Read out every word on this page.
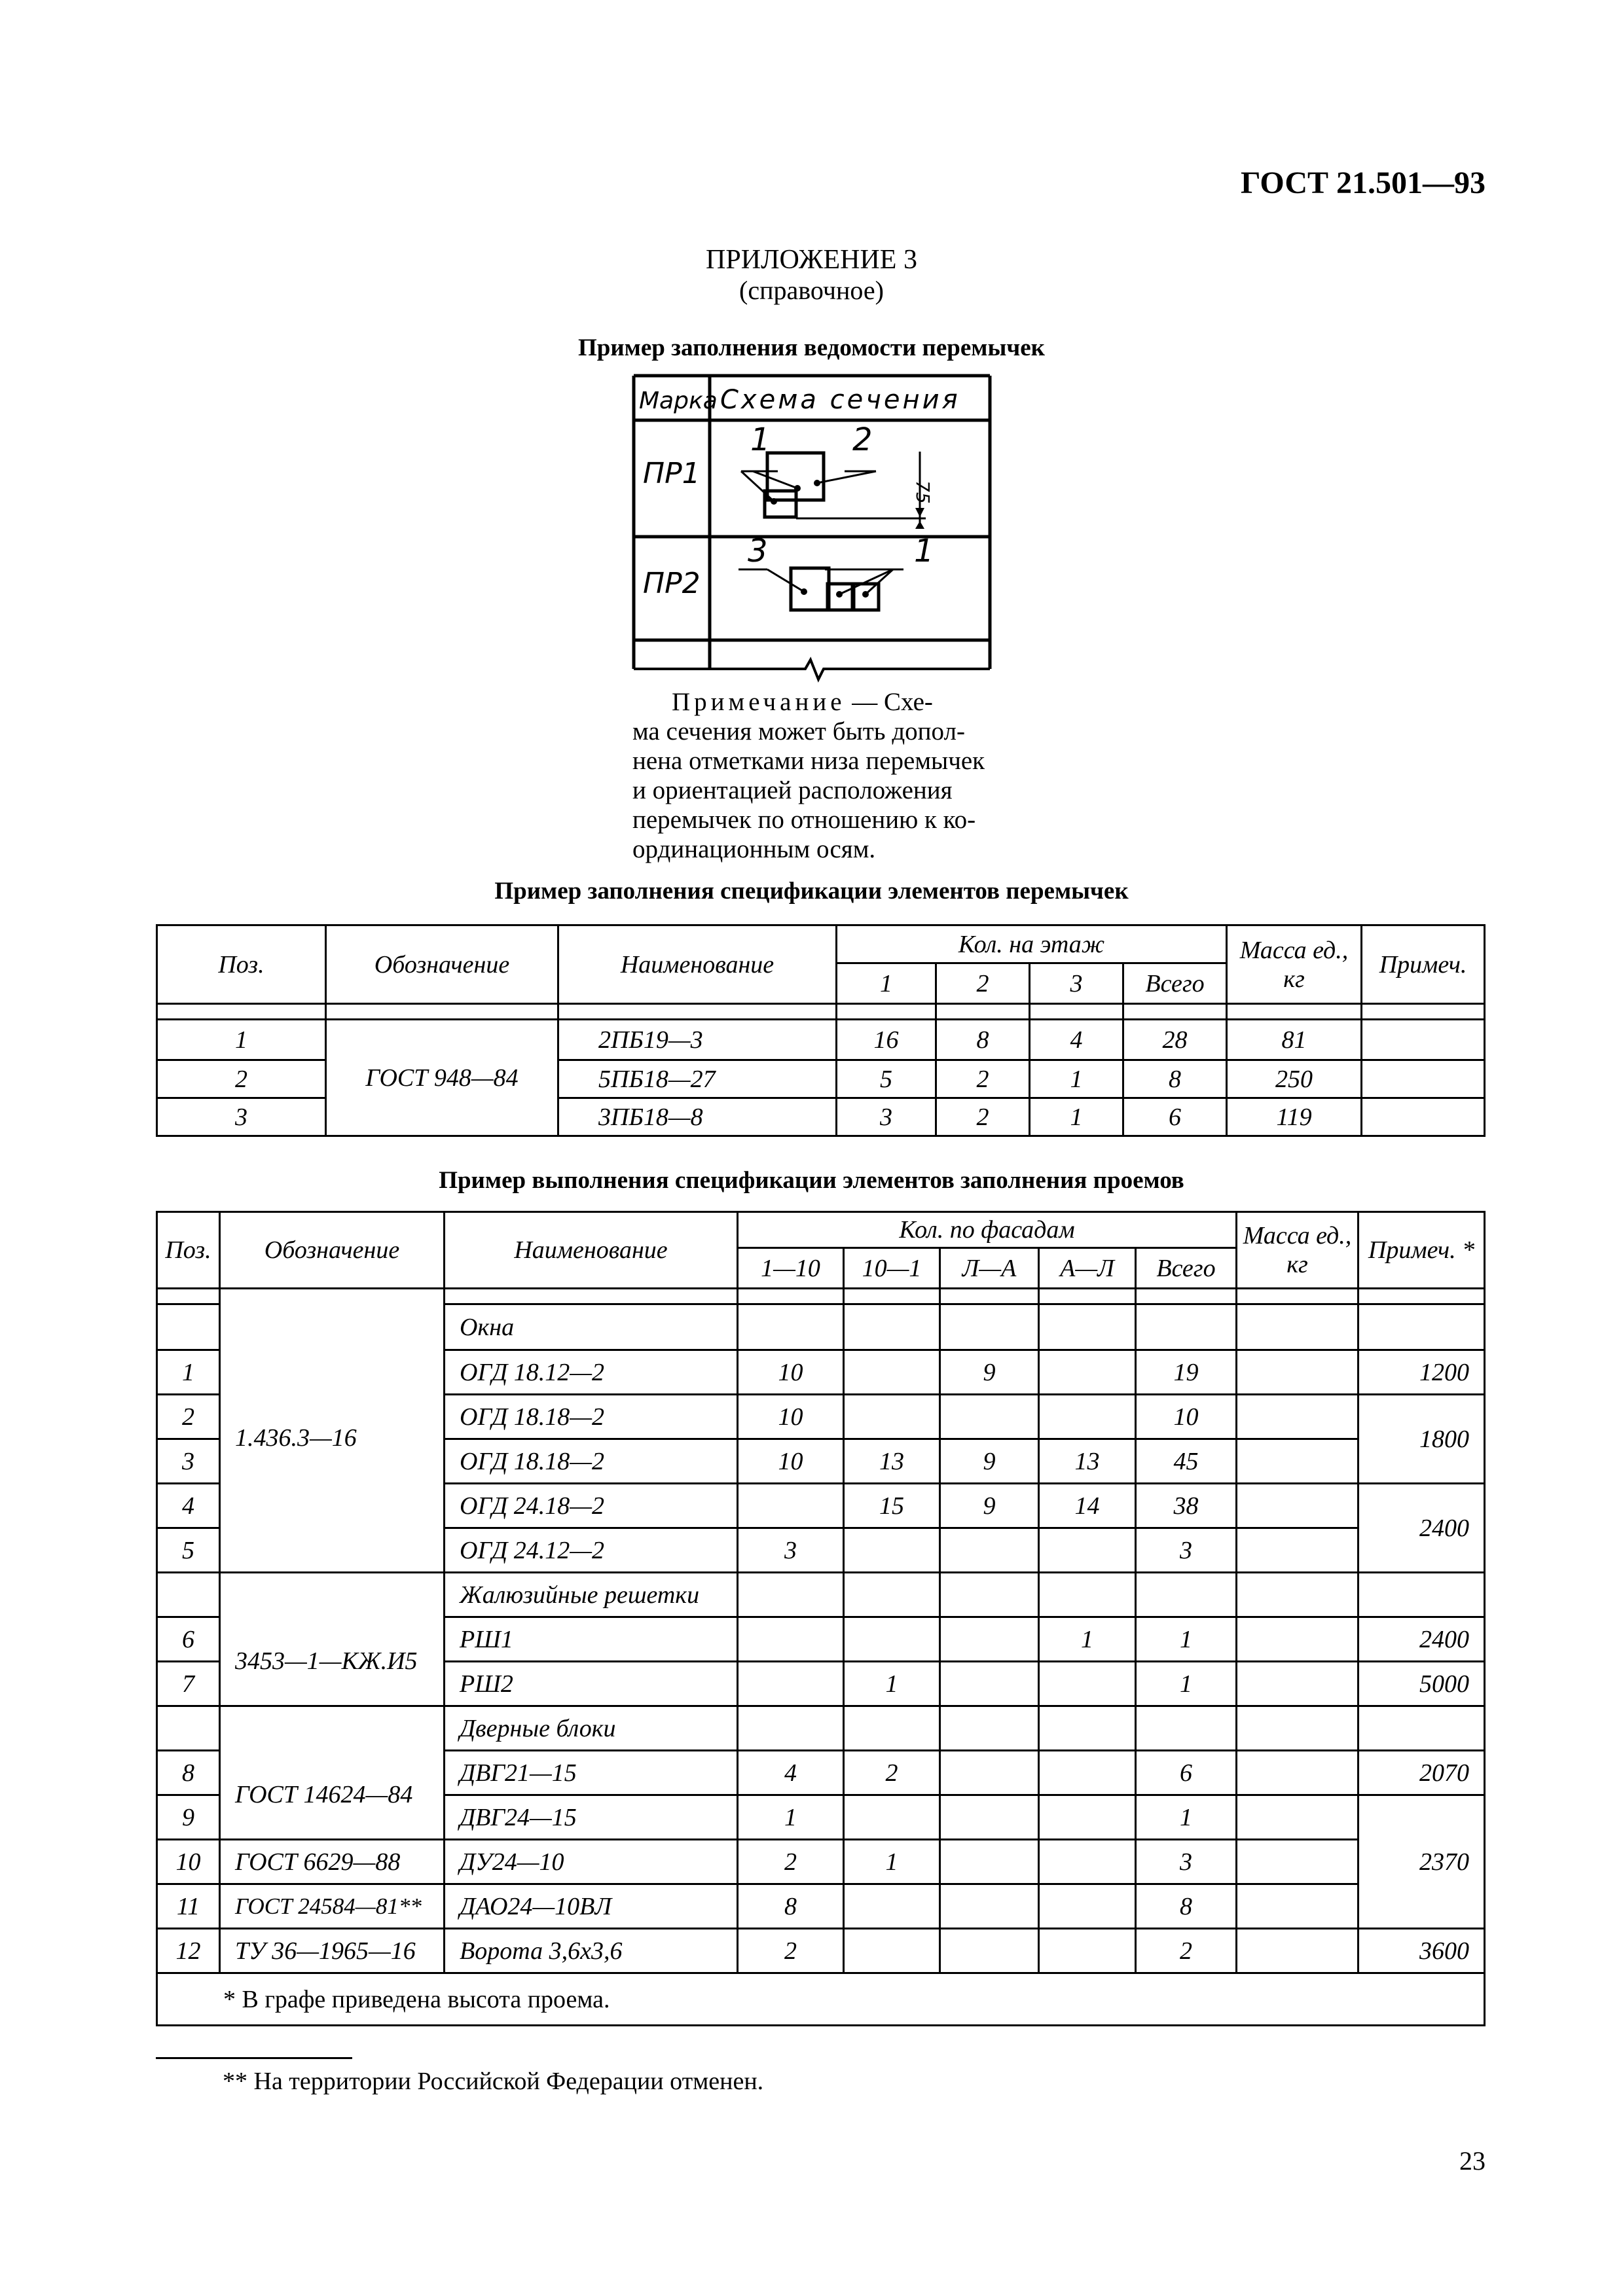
ГОСТ 21.501—93
ПРИЛОЖЕНИЕ 3
(справочное)
Пример заполнения ведомости перемычек
Марка Схема сечения
ПР1
ПР2
1	2
75
3	1
Примечание — Схе-
ма сечения может быть допол-
нена отметками низа перемычек
и ориентацией расположения
перемычек по отношению к ко-
ординационным осям.
Пример заполнения спецификации элементов перемычек
Поз.	Обозначение	Наименование	Кол. на этаж				Масса ед., кг	Примеч.
			1	2	3	Всего		

1	ГОСТ 948—84	2ПБ19—3	16	8	4	28	81	
2		5ПБ18—27	5	2	1	8	250	
3		3ПБ18—8	3	2	1	6	119	
Пример выполнения спецификации элементов заполнения проемов
Поз.	Обозначение	Наименование	Кол. по фасадам					Масса ед., кг	Примеч. *
			1—10	10—1	Л—А	А—Л	Всего		

	1.436.3—16	Окна							
1		ОГД 18.12—2	10		9		19		1200
2		ОГД 18.18—2	10				10		1800
3		ОГД 18.18—2	10	13	9	13	45		
4		ОГД 24.18—2		15	9	14	38		2400
5		ОГД 24.12—2	3				3		
		Жалюзийные решетки							
6	3453—1—КЖ.И5	РШ1				1	1		2400
7		РШ2		1			1		5000
		Дверные блоки							
8	ГОСТ 14624—84	ДВГ21—15	4	2			6		2070
9		ДВГ24—15	1				1		2370
10	ГОСТ 6629—88	ДУ24—10	2	1			3		
11	ГОСТ 24584—81**	ДАО24—10ВЛ	8				8		
12	ТУ 36—1965—16	Ворота 3,6х3,6	2				2		3600
* В графе приведена высота проема.									
** На территории Российской Федерации отменен.
23
